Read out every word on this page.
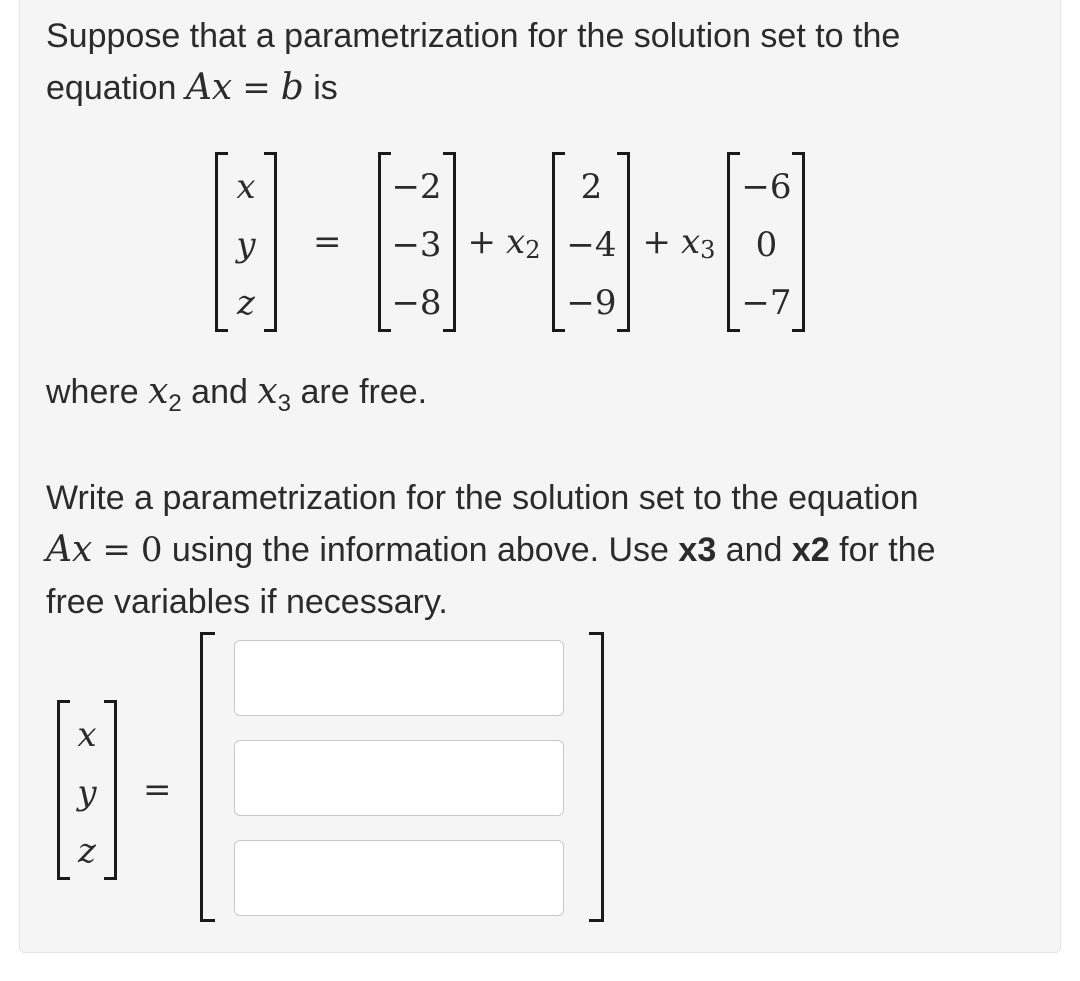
Suppose that a parametrization for the solution set to the
equation Ax = b is

x
y
z
=
−2
−3
−8
+ x 2
2
−4
−9
+ x 3
−6
0
−7

where $x_2$ and $x_3$ are free.

Write a parametrization for the solution set to the equation
Ax = 0 using the information above. Use x3 and x2 for the
free variables if necessary.

x
y
z
=
